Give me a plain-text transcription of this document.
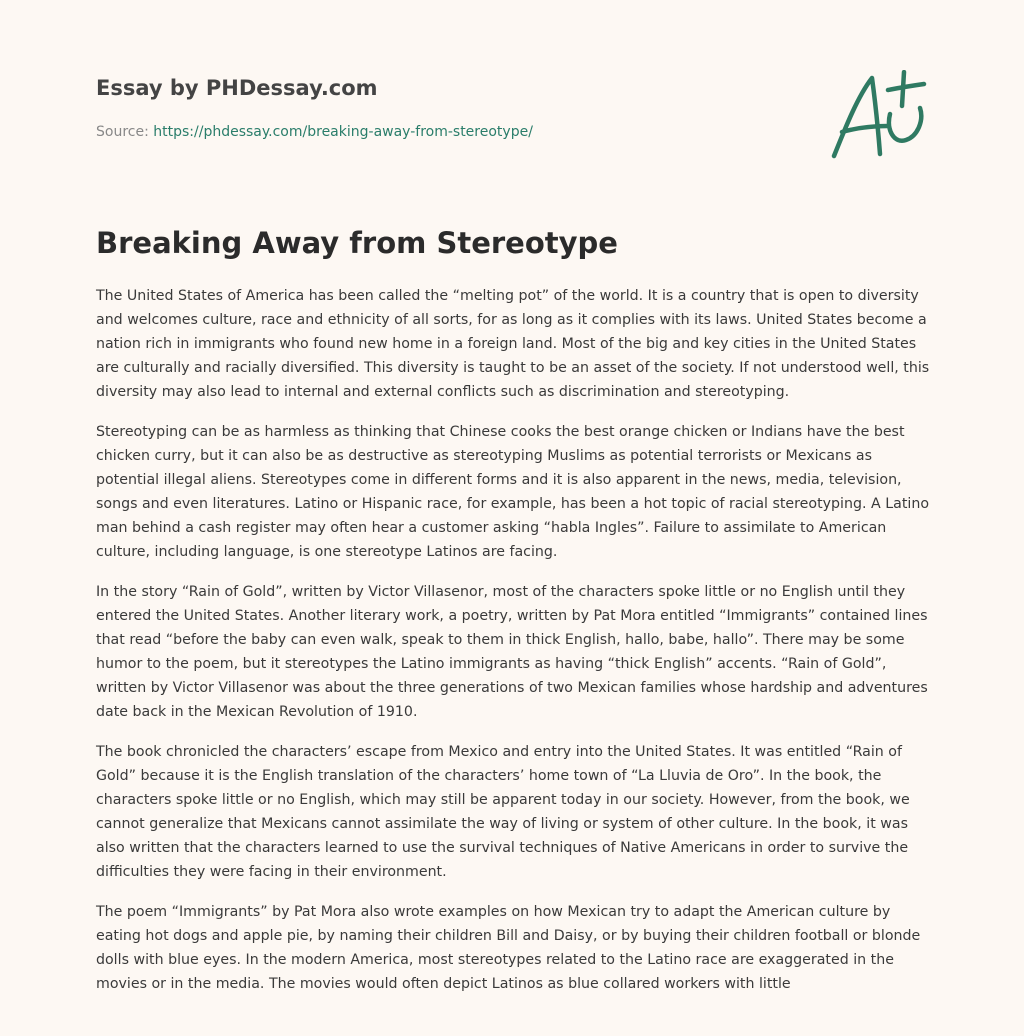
Essay by PHDessay.com
Source: https://phdessay.com/breaking-away-from-stereotype/
Breaking Away from Stereotype

The United States of America has been called the “melting pot” of the world. It is a country that is open to diversity and welcomes culture, race and ethnicity of all sorts, for as long as it complies with its laws. United States become a nation rich in immigrants who found new home in a foreign land. Most of the big and key cities in the United States are culturally and racially diversified. This diversity is taught to be an asset of the society. If not understood well, this diversity may also lead to internal and external conflicts such as discrimination and stereotyping.

Stereotyping can be as harmless as thinking that Chinese cooks the best orange chicken or Indians have the best chicken curry, but it can also be as destructive as stereotyping Muslims as potential terrorists or Mexicans as potential illegal aliens. Stereotypes come in different forms and it is also apparent in the news, media, television, songs and even literatures. Latino or Hispanic race, for example, has been a hot topic of racial stereotyping. A Latino man behind a cash register may often hear a customer asking “habla Ingles”. Failure to assimilate to American culture, including language, is one stereotype Latinos are facing.

In the story “Rain of Gold”, written by Victor Villasenor, most of the characters spoke little or no English until they entered the United States. Another literary work, a poetry, written by Pat Mora entitled “Immigrants” contained lines that read “before the baby can even walk, speak to them in thick English, hallo, babe, hallo”. There may be some humor to the poem, but it stereotypes the Latino immigrants as having “thick English” accents. “Rain of Gold”, written by Victor Villasenor was about the three generations of two Mexican families whose hardship and adventures date back in the Mexican Revolution of 1910.

The book chronicled the characters’ escape from Mexico and entry into the United States. It was entitled “Rain of Gold” because it is the English translation of the characters’ home town of “La Lluvia de Oro”. In the book, the characters spoke little or no English, which may still be apparent today in our society. However, from the book, we cannot generalize that Mexicans cannot assimilate the way of living or system of other culture. In the book, it was also written that the characters learned to use the survival techniques of Native Americans in order to survive the difficulties they were facing in their environment.

The poem “Immigrants” by Pat Mora also wrote examples on how Mexican try to adapt the American culture by eating hot dogs and apple pie, by naming their children Bill and Daisy, or by buying their children football or blonde dolls with blue eyes. In the modern America, most stereotypes related to the Latino race are exaggerated in the movies or in the media. The movies would often depict Latinos as blue collared workers with little
